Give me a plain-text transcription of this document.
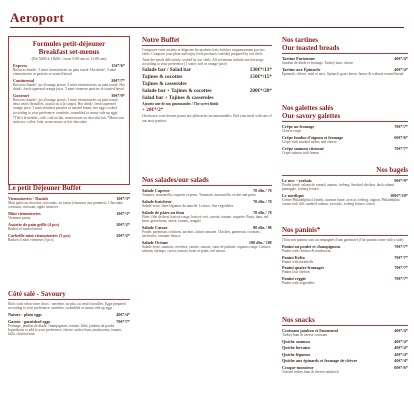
Aeroport
Formules petit-déjeuner
Breakfast set-menus
(De 5h00 à 11h00 / from 5:00 am to 11:00 am)
Express	15€*/6*
Boisson chaude², 3 mini viennoiseries au pain toasté. Hot drink², 3 mini viennoiseries or pastries or toasted bread
Continental	20€*/7*
Boisson chaude², jus d'orange pressé, 3 mini viennoiseries ou pain toasté. Hot drink², fresh squeezed orange juice, 3 mini viennese pastries or toasted bread
Gourmet	30€*/9*
Boisson chaude², jus d'orange pressé, 3 mini viennoiseries ou pain toasté, deux oeufs (brouillés, au plat ou à la coque). Hot drink², fresh squeezed orange juice, 3 mini viennese pastries or toasted bread, two eggs cooked according to your preference: omelette, scrambled or sunny side up eggs
*Thé à la menthe, café, café au lait, nouss-nouss ou chocolat lait. *Moroccan mint tea, coffee, latte, nouss-nouss or hot chocolate
Le petit Déjeuner Buffet
Viennoiseries - Danish	10€*/3*
Mini pains au chocolat, croissants, au raisin (chausson aux pommes). Chocolate croissant, croissant, apple turnover
Mini viennoiseries	10€*/3*
Viennese pastry
Assiette de pain grillé (4 pcs)	20€*/2*
Basket of toasted bread
Corbeille mini viennoiseries (3 pcs)	20€*/2*
Basket of mini viennese (3 pcs)
Côté salé - Savoury
Œufs cuits selon votre choix : omelette, au plat, ou oeufs brouillés. Eggs prepared according to your preference: omelette, scrambled or sunny side up eggs
Nature - plain eggs	40€*/4*
Garnis - garnished eggs	70€*/7*
Fromage, jambon de dinde, champignons, tomate, khlii, jambon de poulet. Ingredients to add to your preference: cheese, turkey ham, mushrooms, tomato, khlii, chicken ham
Notre Buffet
Composez votre assiette et dégustez les produits frais fraîches soigneusement par nos chefs. Compose your plate and enjoy fresh products carefully prepared by our chefs.
Taste the meals deliciously cooked by our chefs. All set menus include one beverage according to your preference (1 water, soft or orange juice)
Salade bar / Salad bar	130€*/13*
Tajines & cocottes	150€*/15*
Tajines & casseroles
Salade bar + Tajines & cocottes	200€*/20*
Salad bar + Tajines & casseroles
Ajoutez une de nos gourmandes / The sweet finish
+ 20€*/2*
Choisissez votre dessert parmi nos pâtisseries incontournables. End your meal with one of our tasty pastries
Nos salades/our salads
Salade Caprese	70 dhs / 7€
Tomates, mozzarella, roquette et pesto. Tomatoes, mozzarella, rocket and pesto
Salade fraicheur	70 dhs / 7€
Salade verte, fines légumes du marché. Lettuce, fine vegetables
Salade de pâtes au thon	70 dhs / 7€
Pâtes, filet de thon, haricot rouge, haricot vert, carotte, tomate, roquette. Pasta, tuna, red bean, green bean, carrot, tomato, arugula
Salade Caesar	80 dhs / 8€
Poulet, parmesan, croûtons, anchois, laitue romaine. Chicken, parmesan, croutons, anchovies, romaine lettuce
Salade Océane	100 dhs / 10€
Salade verte, saumon, crevettes, carotte, tomate, cœur de palmier, oignons rouge. Lettuce, salmon, shrimps, carrot, tomato, heart of palm, red onions
La Table du Marché
Saint-Tropez
Marrakech
Nos tartines
Our toasted breads
Tartine Parisienne	40€*/4*
Jambon de dinde et fromage. Turkey ham, cheese
Tartine aux Épinards	40€*/4*
Épinards, chèvre, miel et noix. Spinach, goat cheese, honey & walnuts toasted bread
Nos galettes salés
Our savory galettes
Crêpe au fromage	70€*/7*
Cheese crepe
Crêpe fondue d'oignon et fromage	60€*/6*
Crepe with smoked turkey and cheese
Crêpe saumon citronné	70€*/7*
Crepe salmon with lemon
Nos bagels
Le new - yorkais	90€*/9*
Poulet fumé, salami de canard, ananas, iceberg. Smoked chicken, duck salami, pineapple, iceberg lettuce
Le nordique	100€*/10*
Crème Philadelphia à l'aneth, saumon fumé, avocat, iceberg, oignon. Philadelphia cream with dill, smoked salmon, avocado, iceberg lettuce, onion
Nos paninis*
(Tous nos paninis sont accompagnés d'une garniture) (Our paninis come with a side)
Panini au poulet et champignons	70€*/7*
Panini with chicken & mushroom
Panini Kefta	70€*/7*
Panini with meatballs
Panini quatre fromages	70€*/7*
Panini four cheeses
Panini veggie	70€*/7*
Panini with vegetables
Nos snacks
Croissant jambon et Emmental	40€*/4*
Turkey ham & cheese croissant
Quiche saumon	40€*/4*
Quiche lorraine	40€*/4*
Quiche légumes	40€*/4*
Quiche aux épinards et fromage de chèvre	40€*/4*
Croque-monsieur	60€*/6*
Toasted turkey ham & cheese sandwich
